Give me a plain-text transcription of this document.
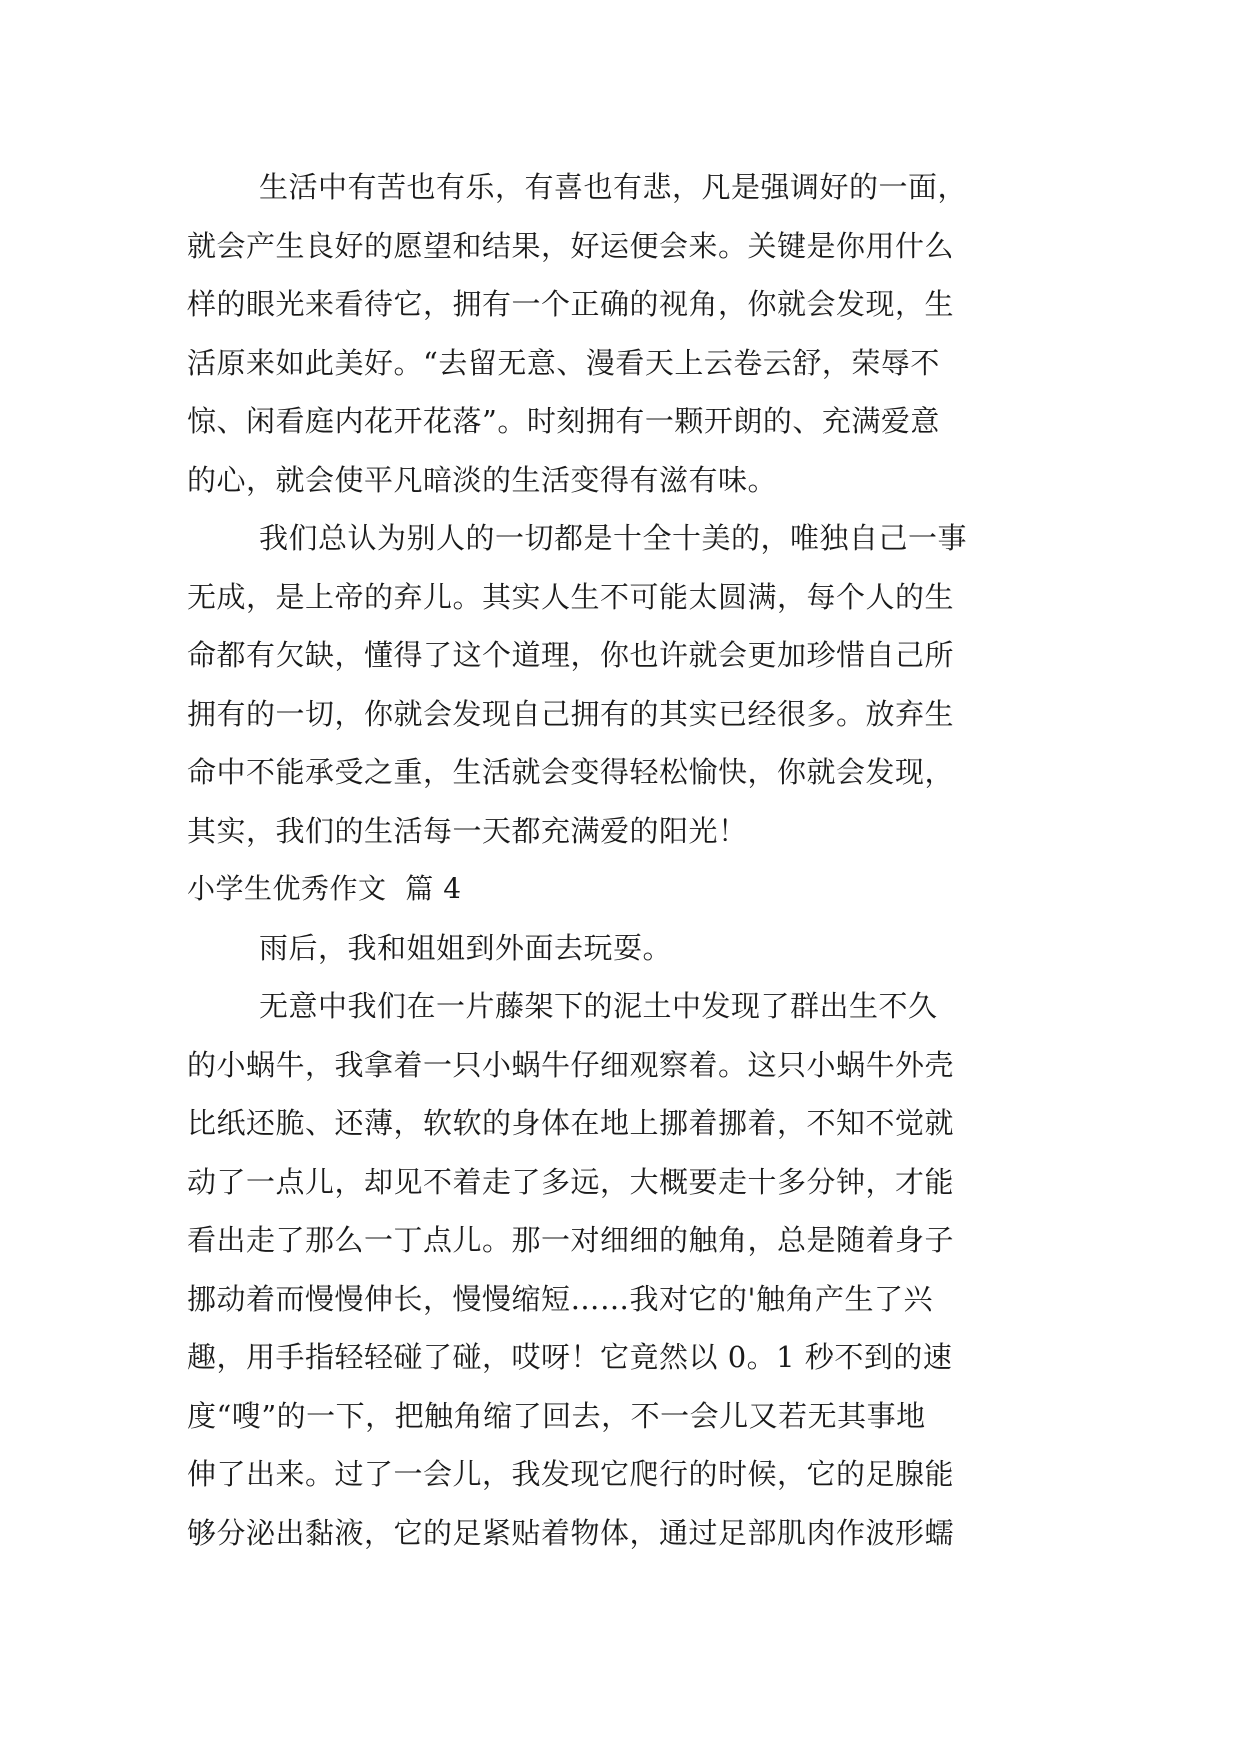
生活中有苦也有乐，有喜也有悲，凡是强调好的一面，
就会产生良好的愿望和结果，好运便会来。关键是你用什么
样的眼光来看待它，拥有一个正确的视角，你就会发现，生
活原来如此美好。“去留无意、漫看天上云卷云舒，荣辱不
惊、闲看庭内花开花落”。时刻拥有一颗开朗的、充满爱意
的心，就会使平凡暗淡的生活变得有滋有味。
我们总认为别人的一切都是十全十美的，唯独自己一事
无成，是上帝的弃儿。其实人生不可能太圆满，每个人的生
命都有欠缺，懂得了这个道理，你也许就会更加珍惜自己所
拥有的一切，你就会发现自己拥有的其实已经很多。放弃生
命中不能承受之重，生活就会变得轻松愉快，你就会发现，
其实，我们的生活每一天都充满爱的阳光！
小学生优秀作文  篇 4
雨后，我和姐姐到外面去玩耍。
无意中我们在一片藤架下的泥土中发现了群出生不久
的小蜗牛，我拿着一只小蜗牛仔细观察着。这只小蜗牛外壳
比纸还脆、还薄，软软的身体在地上挪着挪着，不知不觉就
动了一点儿，却见不着走了多远，大概要走十多分钟，才能
看出走了那么一丁点儿。那一对细细的触角，总是随着身子
挪动着而慢慢伸长，慢慢缩短……我对它的'触角产生了兴
趣，用手指轻轻碰了碰，哎呀！它竟然以 0。1 秒不到的速
度“嗖”的一下，把触角缩了回去，不一会儿又若无其事地
伸了出来。过了一会儿，我发现它爬行的时候，它的足腺能
够分泌出黏液，它的足紧贴着物体，通过足部肌肉作波形蠕
